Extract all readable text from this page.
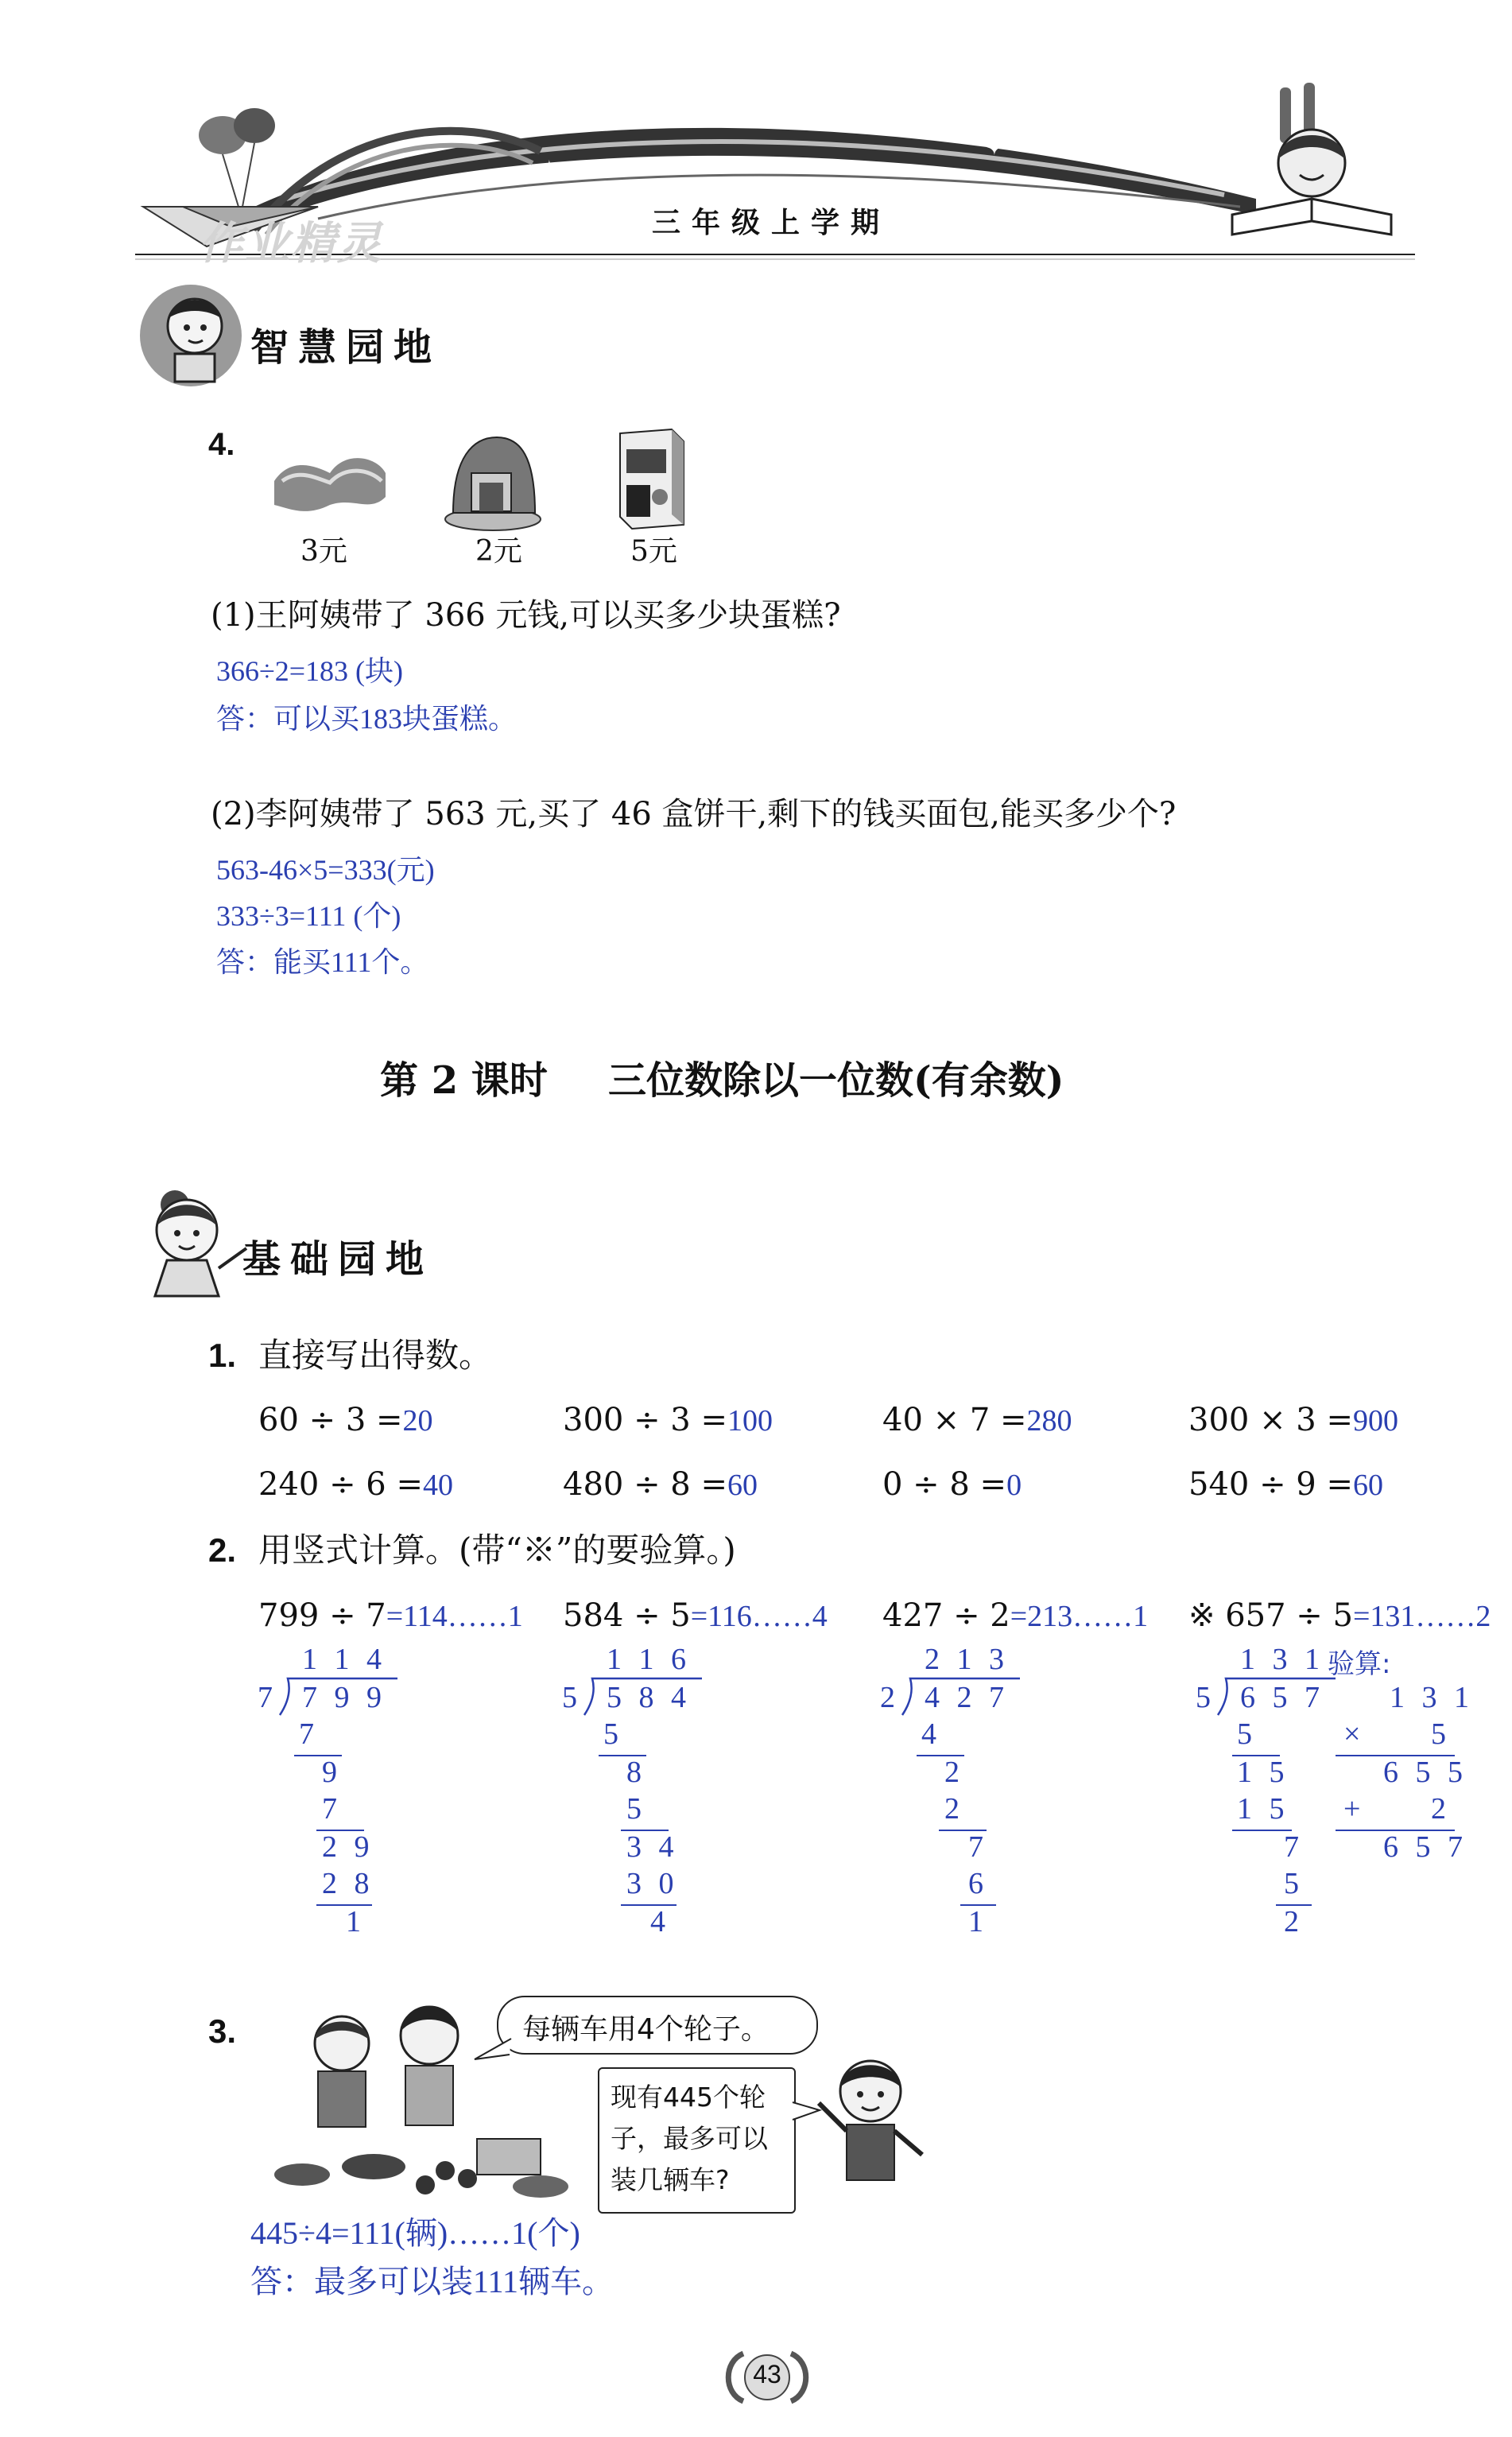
✦
✦
作业精灵	三年级上学期
智慧园地
4.
3元	2元	5元
(1)王阿姨带了 366 元钱,可以买多少块蛋糕?
366÷2=183 (块)
答：可以买183块蛋糕。
(2)李阿姨带了 563 元,买了 46 盒饼干,剩下的钱买面包,能买多少个?
563-46×5=333(元)
333÷3=111 (个)
答：能买111个。
第 2 课时 三位数除以一位数(有余数)
基础园地
1. 直接写出得数。
60 ÷ 3 =20	300 ÷ 3 =100	40 × 7 =280	300 × 3 =900
240 ÷ 6 =40	480 ÷ 8 =60	0 ÷ 8 =0	540 ÷ 9 =60
2. 用竖式计算。(带“※”的要验算。)
799 ÷ 7=114……1 584 ÷ 5=116……4 427 ÷ 2=213……1 ※ 657 ÷ 5=131……2
1 1 4
7 7 9 9
7
9
7
2 9
2 8
1
1 1 6
5 5 8 4
5
8
5
3 4
3 0
4
2 1 3
2 4 2 7
4
2
2
7
6
1
1 3 1
5 6 5 7
5
1 5
1 5
7
5
2
验算:
1 3 1
× 5
6 5 5
+ 2
6 5 7
3.	每辆车用4个轮子。
现有445个轮
子，最多可以
装几辆车?
445÷4=111(辆)……1(个)
答：最多可以装111辆车。
43
